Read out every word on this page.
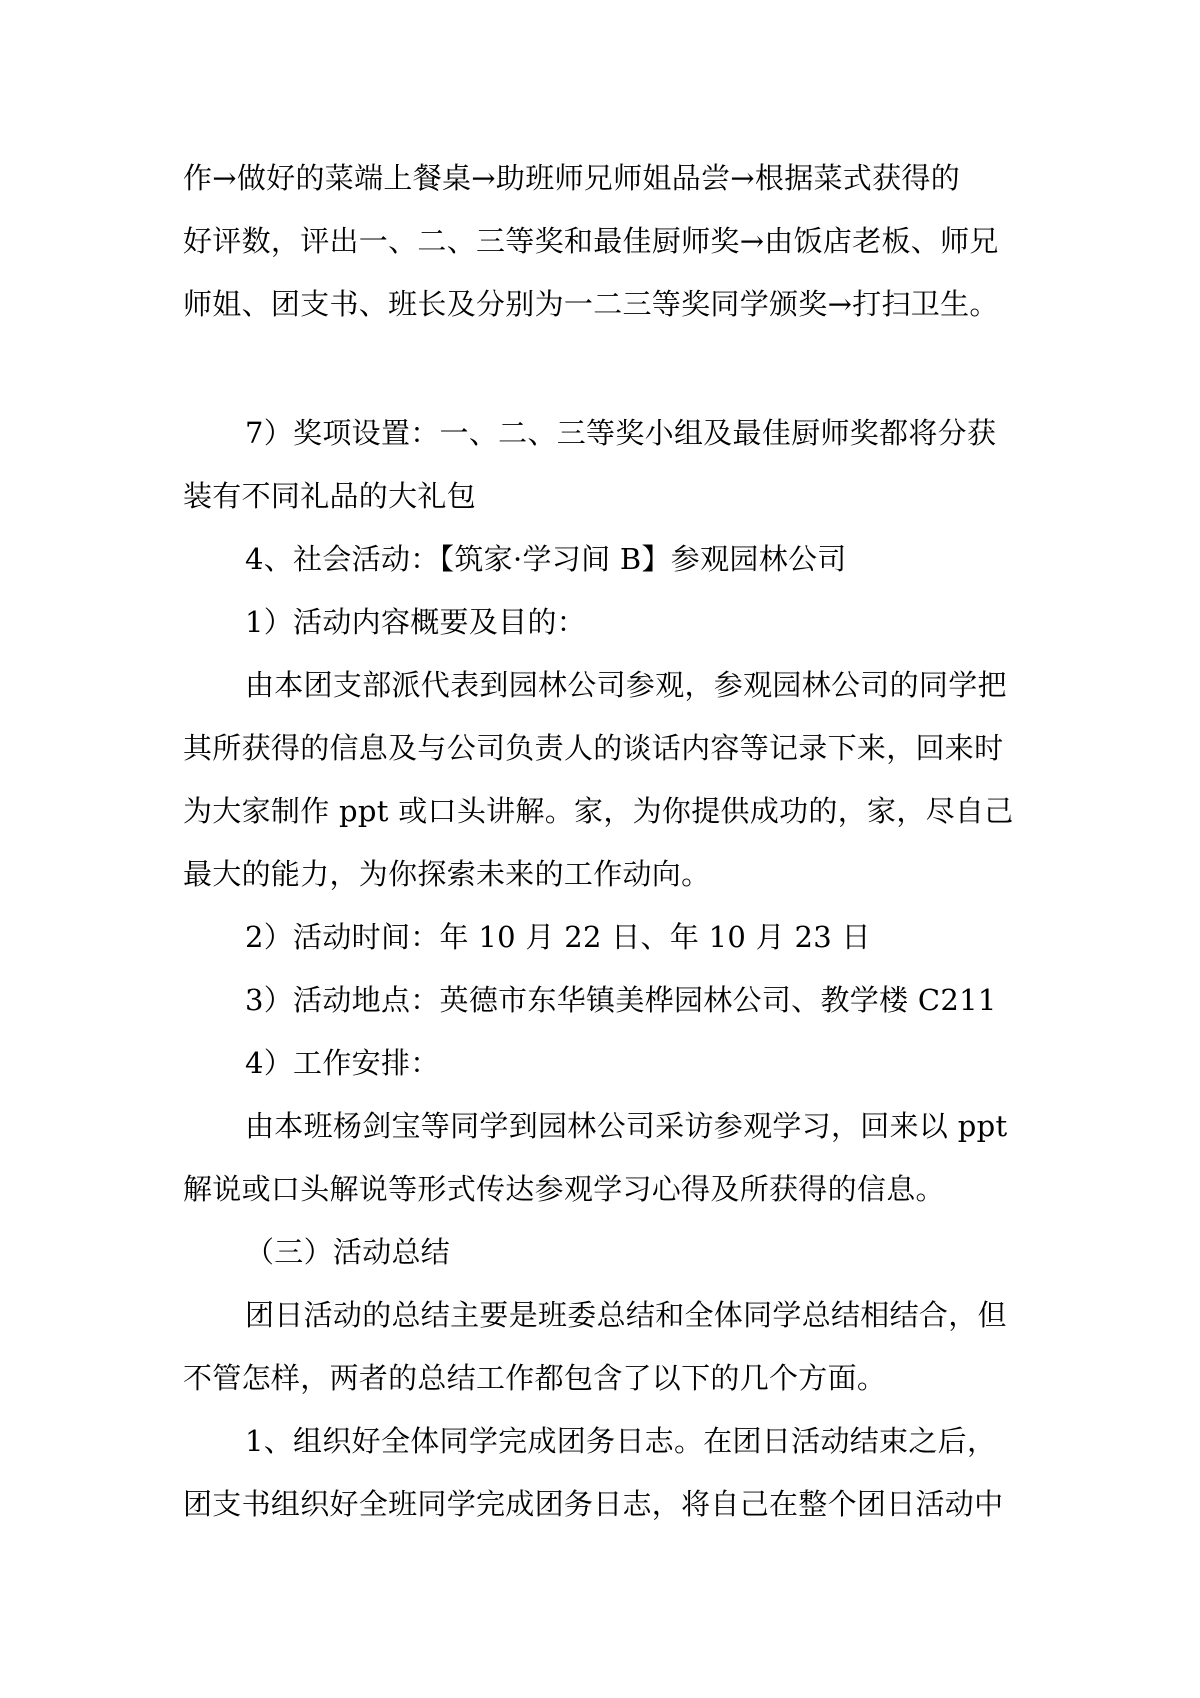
作→做好的菜端上餐桌→助班师兄师姐品尝→根据菜式获得的
好评数，评出一、二、三等奖和最佳厨师奖→由饭店老板、师兄
师姐、团支书、班长及分别为一二三等奖同学颁奖→打扫卫生。
7）奖项设置：一、二、三等奖小组及最佳厨师奖都将分获
装有不同礼品的大礼包
4、社会活动：【筑家·学习间 B】参观园林公司
1）活动内容概要及目的：
由本团支部派代表到园林公司参观，参观园林公司的同学把
其所获得的信息及与公司负责人的谈话内容等记录下来，回来时
为大家制作 ppt 或口头讲解。家，为你提供成功的，家，尽自己
最大的能力，为你探索未来的工作动向。
2）活动时间：年 10 月 22 日、年 10 月 23 日
3）活动地点：英德市东华镇美桦园林公司、教学楼 C211
4）工作安排：
由本班杨剑宝等同学到园林公司采访参观学习，回来以 ppt
解说或口头解说等形式传达参观学习心得及所获得的信息。
（三）活动总结
团日活动的总结主要是班委总结和全体同学总结相结合，但
不管怎样，两者的总结工作都包含了以下的几个方面。
1、组织好全体同学完成团务日志。在团日活动结束之后，
团支书组织好全班同学完成团务日志，将自己在整个团日活动中
